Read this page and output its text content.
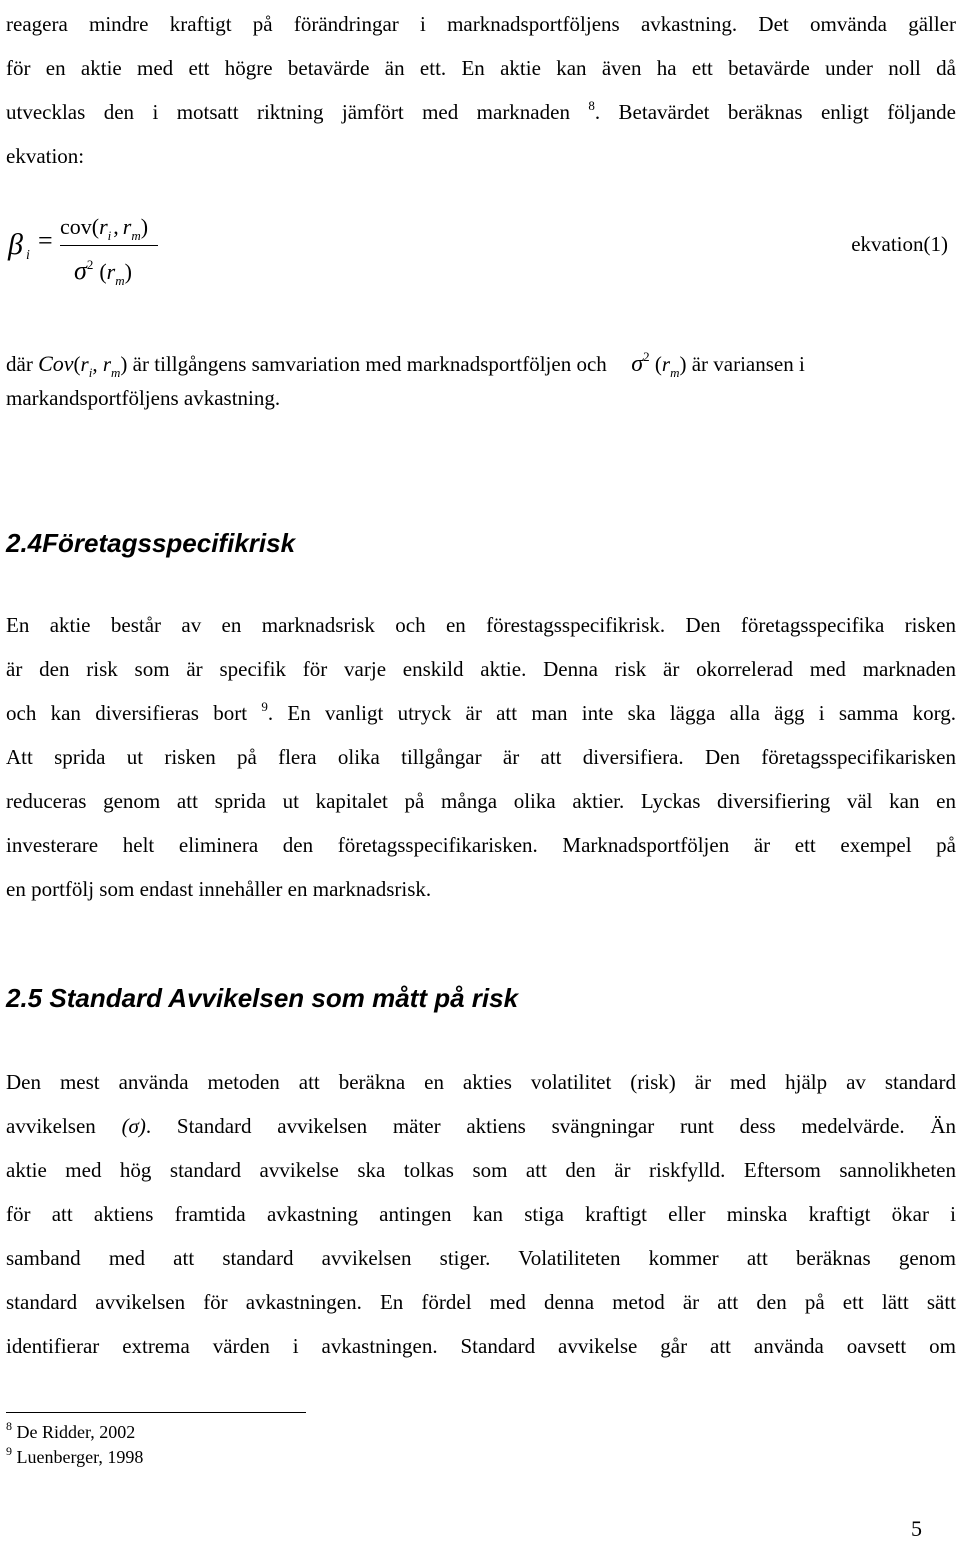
reagera mindre kraftigt på förändringar i marknadsportföljens avkastning. Det omvända gäller
för en aktie med ett högre betavärde än ett. En aktie kan även ha ett betavärde under noll då
utvecklas den i motsatt riktning jämfört med marknaden $^8$. Betavärdet beräknas enligt följande
ekvation:
β i
= $cov(r_i$, $r_m$)
$\sigma^2$ $(r_m)$
ekvation(1)
där $Cov(r_i$, $r_m$) är tillgångens samvariation med marknadsportföljen och $\sigma^2$ $(r_m)$ är variansen i
markandsportföljens avkastning.
2.4Företagsspecifikrisk
En aktie består av en marknadsrisk och en förestagsspecifikrisk. Den företagsspecifika risken
är den risk som är specifik för varje enskild aktie. Denna risk är okorrelerad med marknaden
och kan diversifieras bort $^9$. En vanligt utryck är att man inte ska lägga alla ägg i samma korg.
Att sprida ut risken på flera olika tillgångar är att diversifiera. Den företagsspecifikarisken
reduceras genom att sprida ut kapitalet på många olika aktier. Lyckas diversifiering väl kan en
investerare helt eliminera den företagsspecifikarisken. Marknadsportföljen är ett exempel på
en portfölj som endast innehåller en marknadsrisk.
2.5 Standard Avvikelsen som mått på risk
Den mest använda metoden att beräkna en akties volatilitet (risk) är med hjälp av standard
avvikelsen (σ). Standard avvikelsen mäter aktiens svängningar runt dess medelvärde. Än
aktie med hög standard avvikelse ska tolkas som att den är riskfylld. Eftersom sannolikheten
för att aktiens framtida avkastning antingen kan stiga kraftigt eller minska kraftigt ökar i
samband med att standard avvikelsen stiger. Volatiliteten kommer att beräknas genom
standard avvikelsen för avkastningen. En fördel med denna metod är att den på ett lätt sätt
identifierar extrema värden i avkastningen. Standard avvikelse går att använda oavsett om
$^8$ De Ridder, 2002
$^9$ Luenberger, 1998
5
